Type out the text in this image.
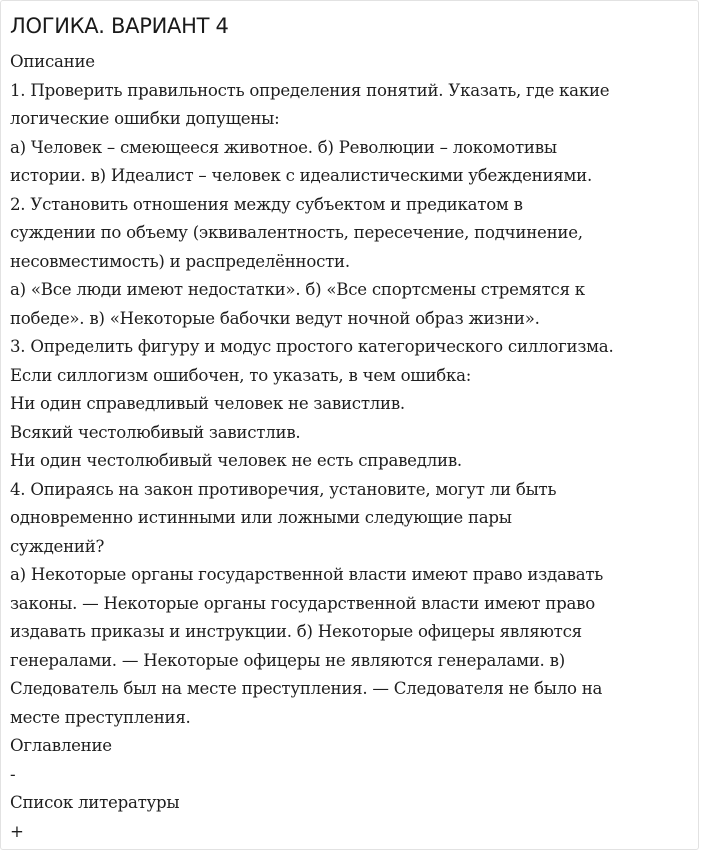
ЛОГИКА. ВАРИАНТ 4
Описание
1. Проверить правильность определения понятий. Указать, где какие
логические ошибки допущены:
а) Человек – смеющееся животное. б) Революции – локомотивы
истории. в) Идеалист – человек с идеалистическими убеждениями.
2. Установить отношения между субъектом и предикатом в
суждении по объему (эквивалентность, пересечение, подчинение,
несовместимость) и распределённости.
а) «Все люди имеют недостатки». б) «Все спортсмены стремятся к
победе». в) «Некоторые бабочки ведут ночной образ жизни».
3. Определить фигуру и модус простого категорического силлогизма.
Если силлогизм ошибочен, то указать, в чем ошибка:
Ни один справедливый человек не завистлив.
Всякий честолюбивый завистлив.
Ни один честолюбивый человек не есть справедлив.
4. Опираясь на закон противоречия, установите, могут ли быть
одновременно истинными или ложными следующие пары
суждений?
а) Некоторые органы государственной власти имеют право издавать
законы. — Некоторые органы государственной власти имеют право
издавать приказы и инструкции. б) Некоторые офицеры являются
генералами. — Некоторые офицеры не являются генералами. в)
Следователь был на месте преступления. — Следователя не было на
месте преступления.
Оглавление
-
Список литературы
+
